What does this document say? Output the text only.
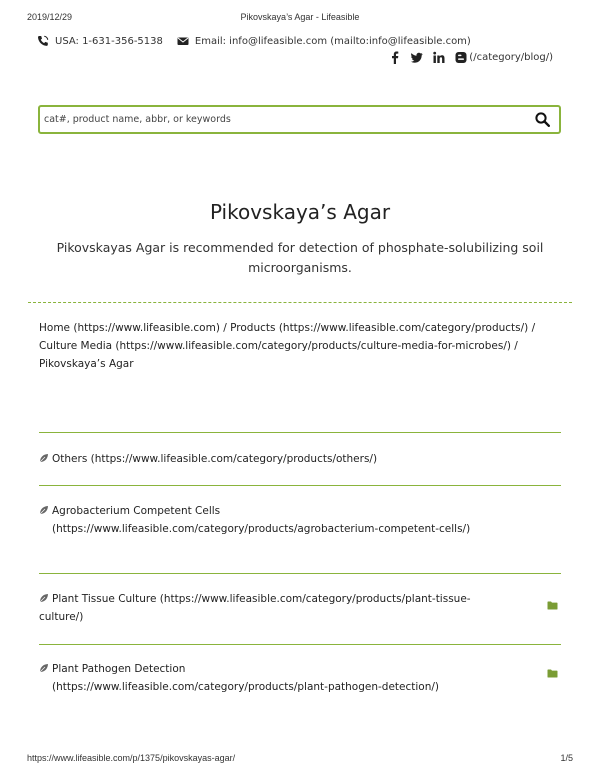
2019/12/29	Pikovskaya’s Agar - Lifeasible
USA: 1-631-356-5138	Email: info@lifeasible.com (mailto:info@lifeasible.com)
(/category/blog/)
cat#, product name, abbr, or keywords
Pikovskaya’s Agar

Pikovskayas Agar is recommended for detection of phosphate-solubilizing soil microorganisms.

Home (https://www.lifeasible.com) / Products (https://www.lifeasible.com/category/products/) / Culture Media (https://www.lifeasible.com/category/products/culture-media-for-microbes/) / Pikovskaya’s Agar
Others (https://www.lifeasible.com/category/products/others/)
Agrobacterium Competent Cells
(https://www.lifeasible.com/category/products/agrobacterium-competent-cells/)
Plant Tissue Culture (https://www.lifeasible.com/category/products/plant-tissue-culture/)
Plant Pathogen Detection
(https://www.lifeasible.com/category/products/plant-pathogen-detection/)
https://www.lifeasible.com/p/1375/pikovskayas-agar/	1/5
